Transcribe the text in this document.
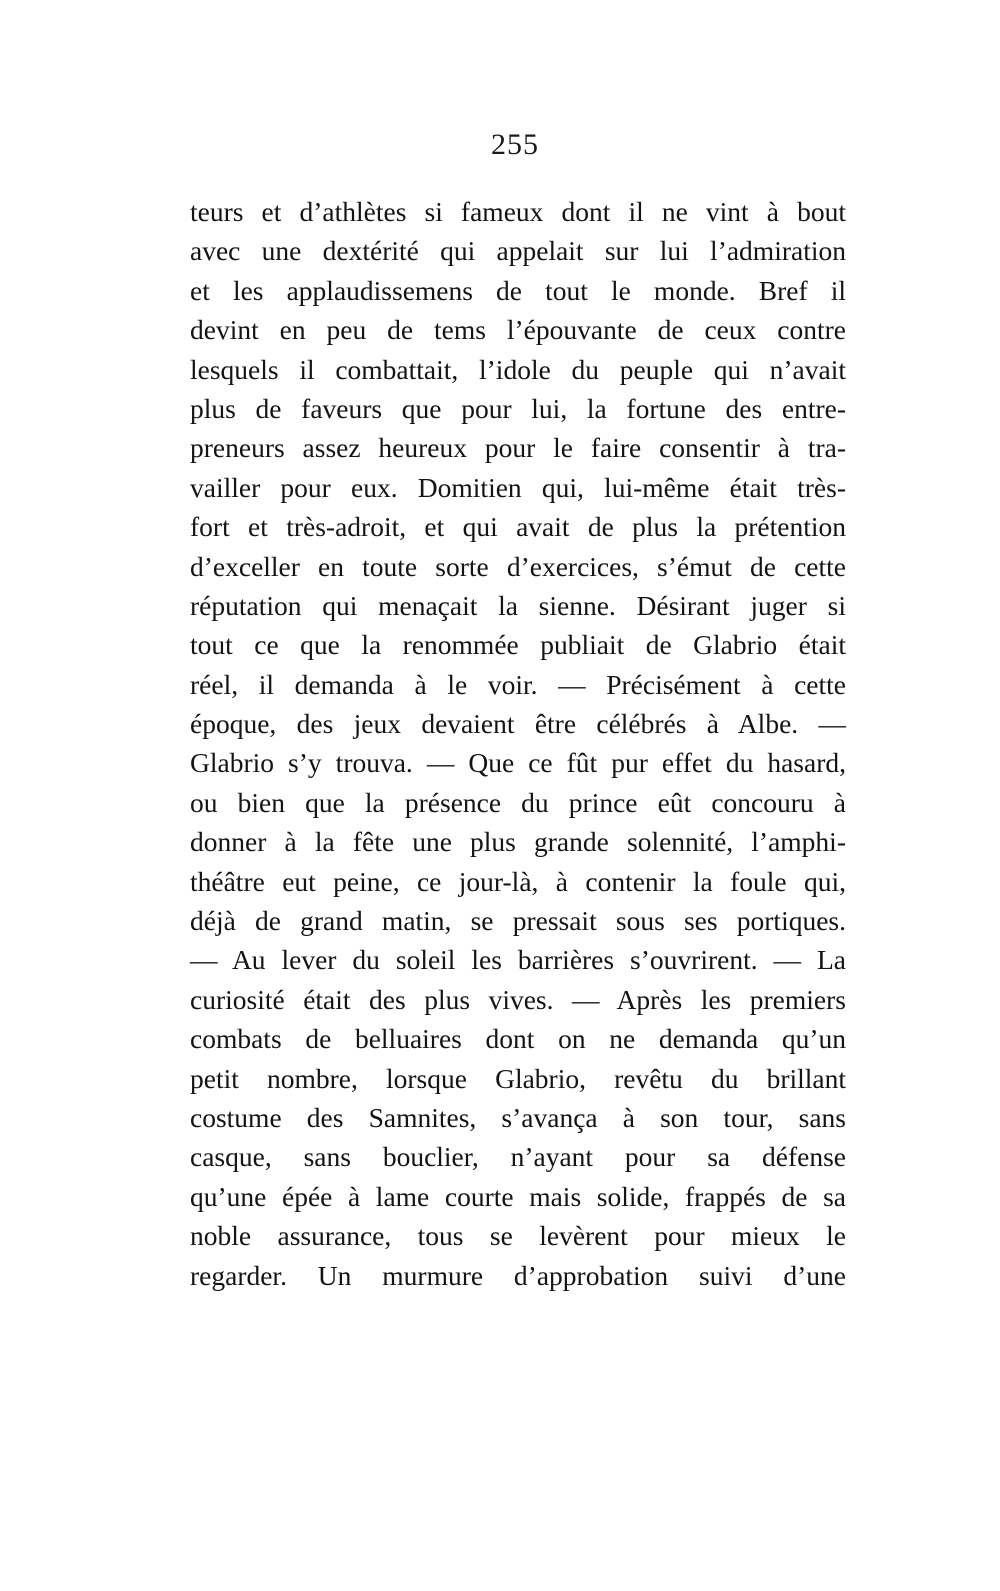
255
teurs et d’athlètes si fameux dont il ne vint à bout
avec une dextérité qui appelait sur lui l’admiration
et les applaudissemens de tout le monde. Bref il
devint en peu de tems l’épouvante de ceux contre
lesquels il combattait, l’idole du peuple qui n’avait
plus de faveurs que pour lui, la fortune des entre-
preneurs assez heureux pour le faire consentir à tra-
vailler pour eux. Domitien qui, lui-même était très-
fort et très-adroit, et qui avait de plus la prétention
d’exceller en toute sorte d’exercices, s’émut de cette
réputation qui menaçait la sienne. Désirant juger si
tout ce que la renommée publiait de Glabrio était
réel, il demanda à le voir. — Précisément à cette
époque, des jeux devaient être célébrés à Albe. —
Glabrio s’y trouva. — Que ce fût pur effet du hasard,
ou bien que la présence du prince eût concouru à
donner à la fête une plus grande solennité, l’amphi-
théâtre eut peine, ce jour-là, à contenir la foule qui,
déjà de grand matin, se pressait sous ses portiques.
— Au lever du soleil les barrières s’ouvrirent. — La
curiosité était des plus vives. — Après les premiers
combats de belluaires dont on ne demanda qu’un
petit nombre, lorsque Glabrio, revêtu du brillant
costume des Samnites, s’avança à son tour, sans
casque, sans bouclier, n’ayant pour sa défense
qu’une épée à lame courte mais solide, frappés de sa
noble assurance, tous se levèrent pour mieux le
regarder. Un murmure d’approbation suivi d’une
